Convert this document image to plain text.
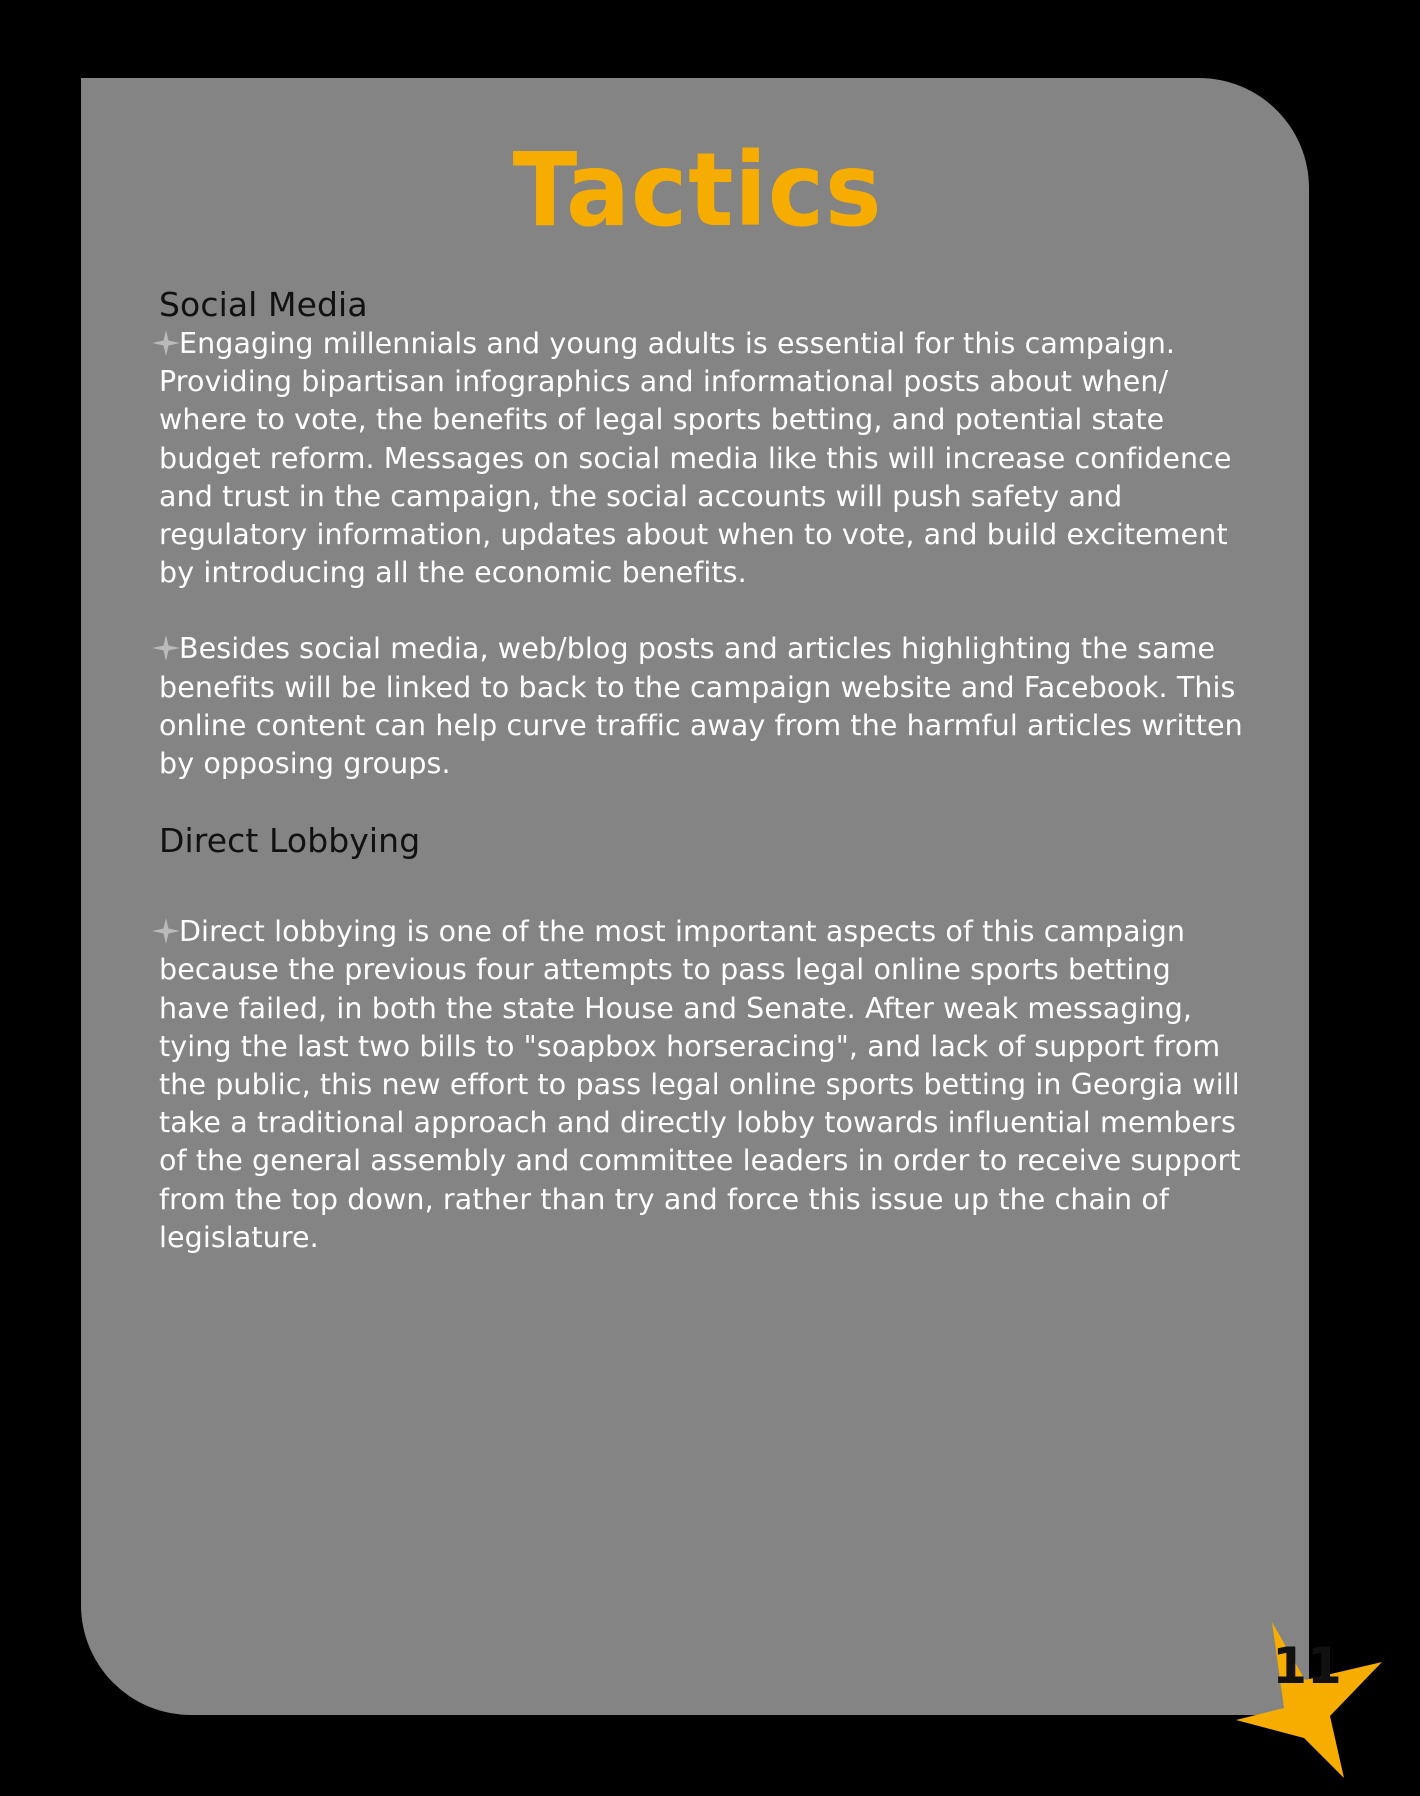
Tactics
Social Media

Engaging millennials and young adults is essential for this campaign. Providing bipartisan infographics and informational posts about when/ where to vote, the benefits of legal sports betting, and potential state budget reform. Messages on social media like this will increase confidence and trust in the campaign, the social accounts will push safety and regulatory information, updates about when to vote, and build excitement by introducing all the economic benefits.

Besides social media, web/blog posts and articles highlighting the same benefits will be linked to back to the campaign website and Facebook. This online content can help curve traffic away from the harmful articles written by opposing groups.

Direct Lobbying

Direct lobbying is one of the most important aspects of this campaign because the previous four attempts to pass legal online sports betting have failed, in both the state House and Senate. After weak messaging, tying the last two bills to "soapbox horseracing", and lack of support from the public, this new effort to pass legal online sports betting in Georgia will take a traditional approach and directly lobby towards influential members of the general assembly and committee leaders in order to receive support from the top down, rather than try and force this issue up the chain of legislature.

11
